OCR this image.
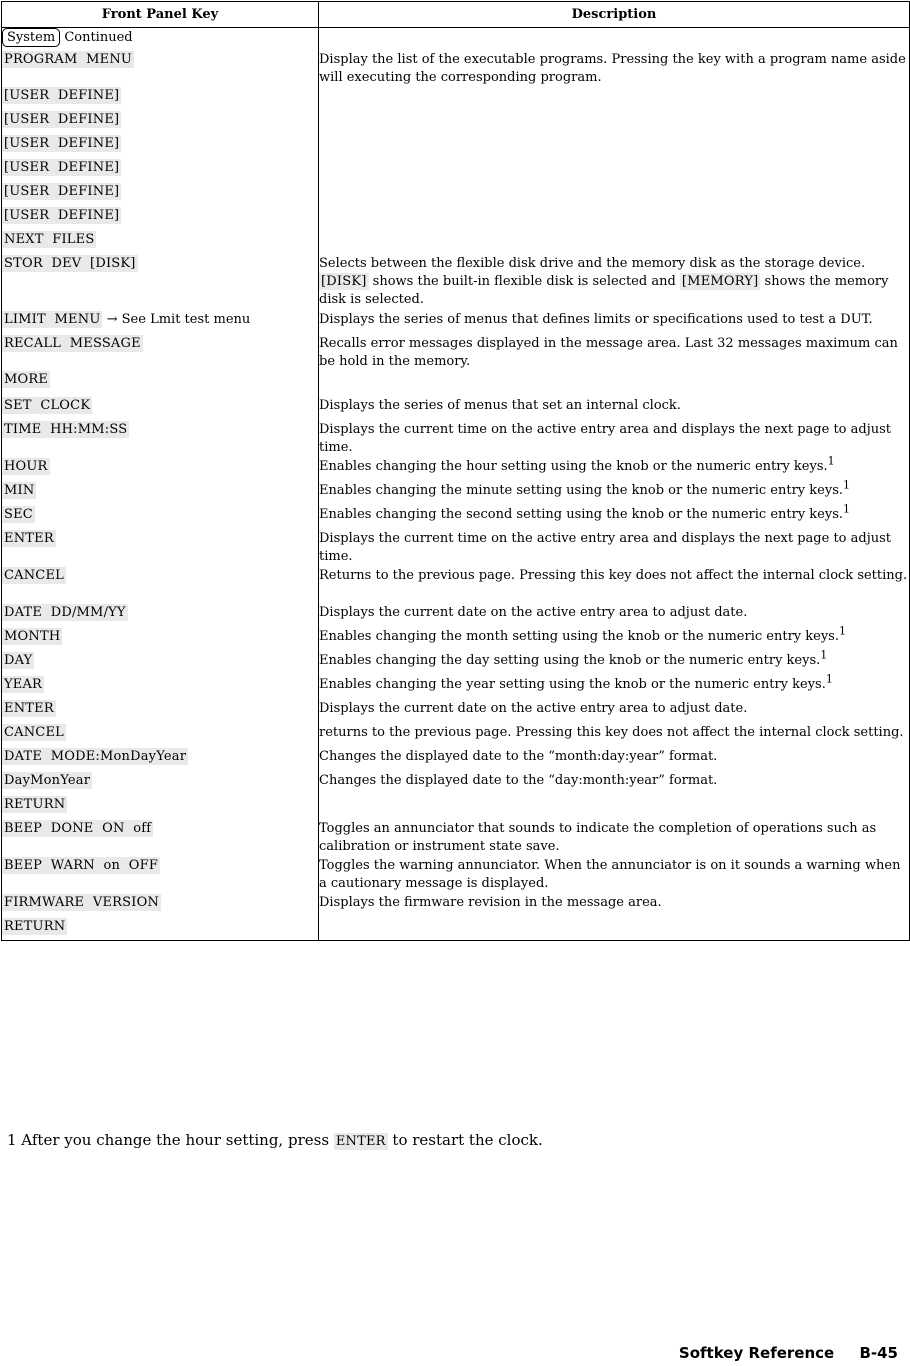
Front Panel Key	Description
System Continued	
PROGRAM  MENU	Display the list of the executable programs. Pressing the key with a program name aside will executing the corresponding program.
[USER  DEFINE]	
[USER  DEFINE]	
[USER  DEFINE]	
[USER  DEFINE]	
[USER  DEFINE]	
[USER  DEFINE]	
NEXT  FILES	
STOR  DEV  [DISK]	Selects between the flexible disk drive and the memory disk as the storage device. [DISK] shows the built-in flexible disk is selected and [MEMORY] shows the memory disk is selected.
LIMIT  MENU → See Lmit test menu	Displays the series of menus that defines limits or specifications used to test a DUT.
RECALL  MESSAGE	Recalls error messages displayed in the message area. Last 32 messages maximum can be hold in the memory.
MORE	
SET  CLOCK	Displays the series of menus that set an internal clock.
TIME  HH:MM:SS	Displays the current time on the active entry area and displays the next page to adjust time.
HOUR	Enables changing the hour setting using the knob or the numeric entry keys.$^1$
MIN	Enables changing the minute setting using the knob or the numeric entry keys.$^1$
SEC	Enables changing the second setting using the knob or the numeric entry keys.$^1$
ENTER	Displays the current time on the active entry area and displays the next page to adjust time.
CANCEL	Returns to the previous page. Pressing this key does not affect the internal clock setting.
DATE  DD/MM/YY	Displays the current date on the active entry area to adjust date.
MONTH	Enables changing the month setting using the knob or the numeric entry keys.$^1$
DAY	Enables changing the day setting using the knob or the numeric entry keys.$^1$
YEAR	Enables changing the year setting using the knob or the numeric entry keys.$^1$
ENTER	Displays the current date on the active entry area to adjust date.
CANCEL	returns to the previous page. Pressing this key does not affect the internal clock setting.
DATE  MODE:MonDayYear	Changes the displayed date to the “month:day:year” format.
DayMonYear	Changes the displayed date to the “day:month:year” format.
RETURN	
BEEP  DONE  ON  off	Toggles an annunciator that sounds to indicate the completion of operations such as calibration or instrument state save.
BEEP  WARN  on  OFF	Toggles the warning annunciator. When the annunciator is on it sounds a warning when a cautionary message is displayed.
FIRMWARE  VERSION	Displays the firmware revision in the message area.
RETURN	
1 After you change the hour setting, press ENTER to restart the clock.
Softkey Reference B-45
